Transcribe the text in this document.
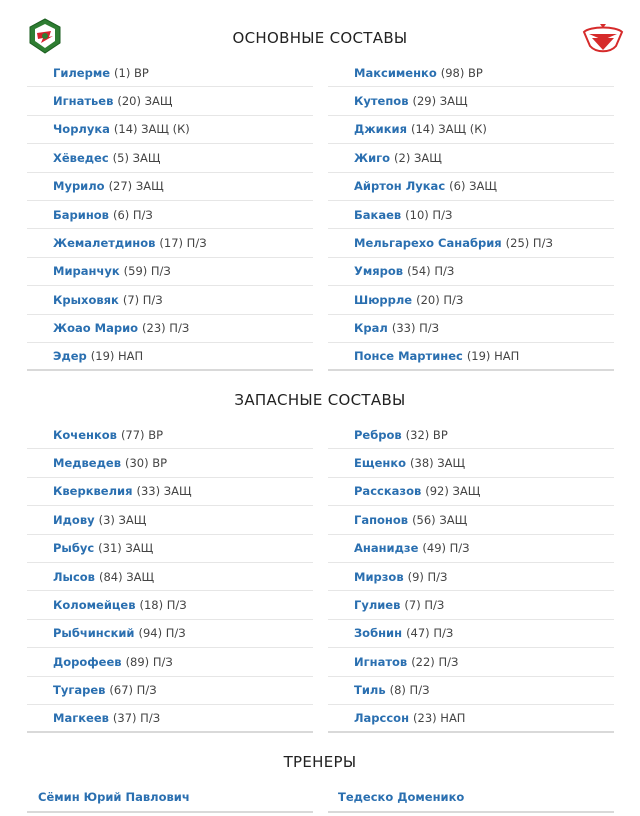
ОСНОВНЫЕ СОСТАВЫ
Гилерме (1) ВР
Игнатьев (20) ЗАЩ
Чорлука (14) ЗАЩ (К)
Хёведес (5) ЗАЩ
Мурило (27) ЗАЩ
Баринов (6) П/З
Жемалетдинов (17) П/З
Миранчук (59) П/З
Крыховяк (7) П/З
Жоао Марио (23) П/З
Эдер (19) НАП
Максименко (98) ВР
Кутепов (29) ЗАЩ
Джикия (14) ЗАЩ (К)
Жиго (2) ЗАЩ
Айртон Лукас (6) ЗАЩ
Бакаев (10) П/З
Мельгарехо Санабрия (25) П/З
Умяров (54) П/З
Шюррле (20) П/З
Крал (33) П/З
Понсе Мартинес (19) НАП
ЗАПАСНЫЕ СОСТАВЫ
Коченков (77) ВР
Медведев (30) ВР
Кверквелия (33) ЗАЩ
Идову (3) ЗАЩ
Рыбус (31) ЗАЩ
Лысов (84) ЗАЩ
Коломейцев (18) П/З
Рыбчинский (94) П/З
Дорофеев (89) П/З
Тугарев (67) П/З
Магкеев (37) П/З
Ребров (32) ВР
Ещенко (38) ЗАЩ
Рассказов (92) ЗАЩ
Гапонов (56) ЗАЩ
Ананидзе (49) П/З
Мирзов (9) П/З
Гулиев (7) П/З
Зобнин (47) П/З
Игнатов (22) П/З
Тиль (8) П/З
Ларссон (23) НАП
ТРЕНЕРЫ
Сёмин Юрий Павлович	Тедеско Доменико
